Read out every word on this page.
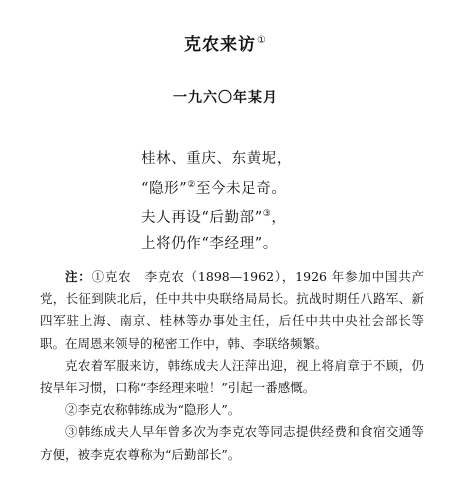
克农来访①
一九六〇年某月
桂林、重庆、东黄坭，
“隐形”②至今未足奇。
夫人再设“后勤部”③，
上将仍作“李经理”。

注：①克农　李克农（1898—1962），1926 年参加中国共产党，长征到陕北后，任中共中央联络局局长。抗战时期任八路军、新四军驻上海、南京、桂林等办事处主任，后任中共中央社会部长等职。在周恩来领导的秘密工作中，韩、李联络频繁。

克农着军服来访，韩练成夫人汪萍出迎，视上将肩章于不顾，仍按旱年习惯，口称“李经理来啦！”引起一番感慨。

②李克农称韩练成为“隐形人”。

③韩练成夫人早年曾多次为李克农等同志提供经费和食宿交通等方便，被李克农尊称为“后勤部长”。
